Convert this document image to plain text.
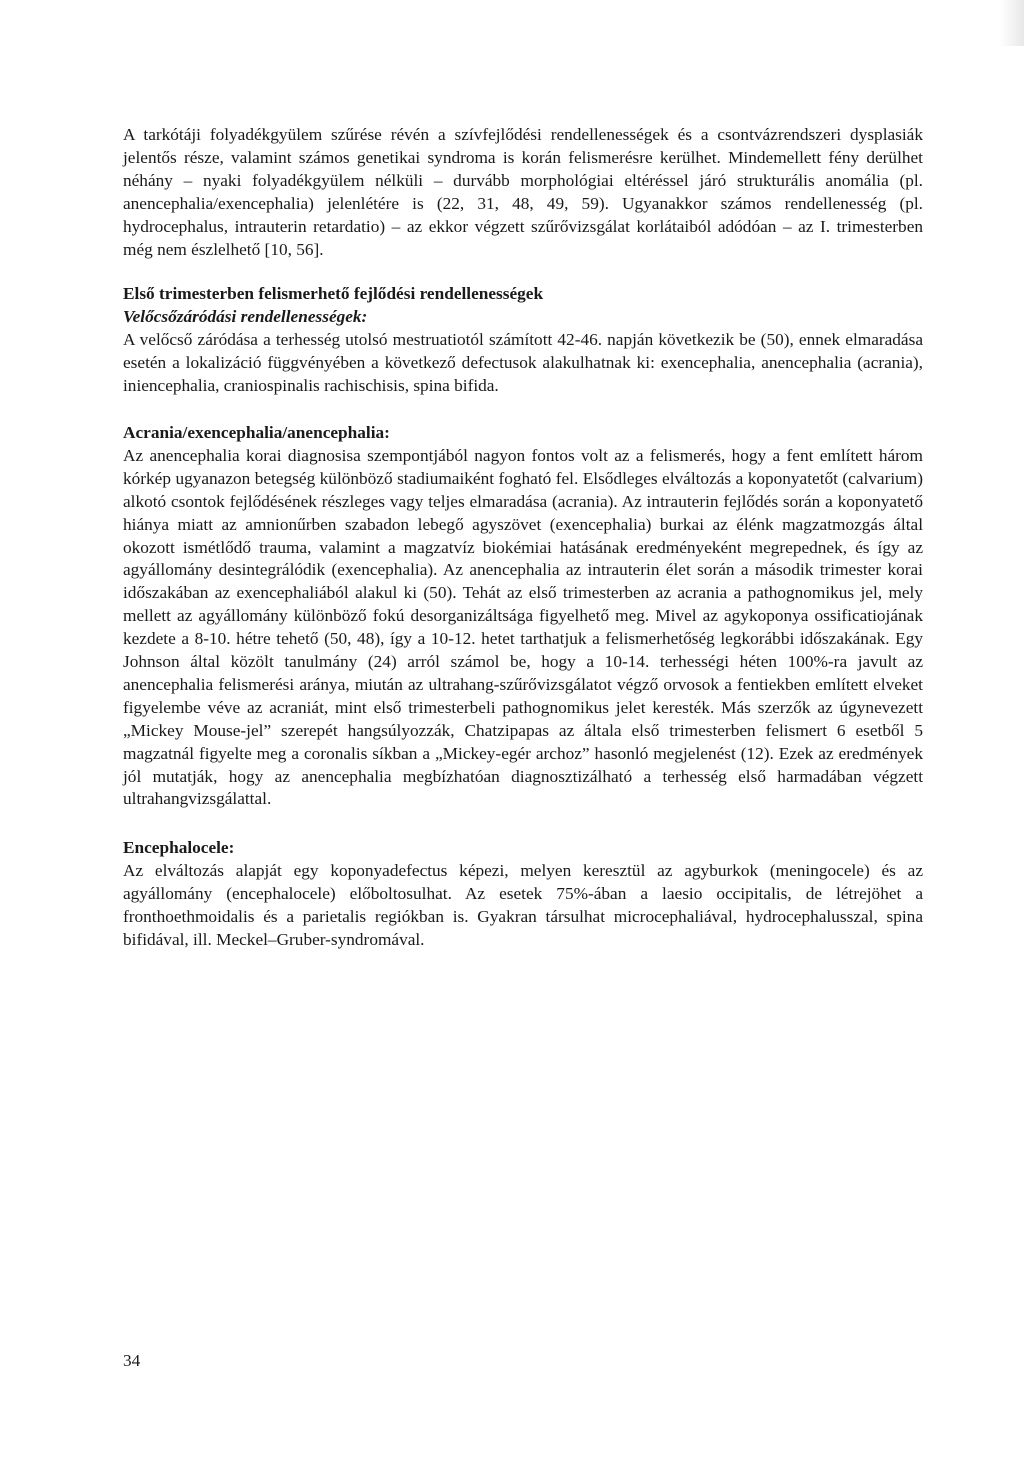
A tarkótáji folyadékgyülem szűrése révén a szívfejlődési rendellenességek és a csontvázrendszeri dysplasiák jelentős része, valamint számos genetikai syndroma is korán felismerésre kerülhet. Mindemellett fény derülhet néhány – nyaki folyadékgyülem nélküli – durvább morphológiai eltéréssel járó strukturális anomália (pl. anencephalia/exencephalia) jelenlétére is (22, 31, 48, 49, 59). Ugyanakkor számos rendellenesség (pl. hydrocephalus, intrauterin retardatio) – az ekkor végzett szűrővizsgálat korlátaiból adódóan – az I. trimesterben még nem észlelhető [10, 56].

Első trimesterben felismerhető fejlődési rendellenességek
Velőcsőzáródási rendellenességek:

A velőcső záródása a terhesség utolsó mestruatiotól számított 42-46. napján következik be (50), ennek elmaradása esetén a lokalizáció függvényében a következő defectusok alakulhatnak ki: exencephalia, anencephalia (acrania), iniencephalia, craniospinalis rachischisis, spina bifida.

Acrania/exencephalia/anencephalia:

Az anencephalia korai diagnosisa szempontjából nagyon fontos volt az a felismerés, hogy a fent említett három kórkép ugyanazon betegség különböző stadiumaiként fogható fel. Elsődleges elváltozás a koponyatetőt (calvarium) alkotó csontok fejlődésének részleges vagy teljes elmaradása (acrania). Az intrauterin fejlődés során a koponyatető hiánya miatt az amnionűrben szabadon lebegő agyszövet (exencephalia) burkai az élénk magzatmozgás által okozott ismétlődő trauma, valamint a magzatvíz biokémiai hatásának eredményeként megrepednek, és így az agyállomány desintegrálódik (exencephalia). Az anencephalia az intrauterin élet során a második trimester korai időszakában az exencephaliából alakul ki (50). Tehát az első trimesterben az acrania a pathognomikus jel, mely mellett az agyállomány különböző fokú desorganizáltsága figyelhető meg. Mivel az agykoponya ossificatiojának kezdete a 8-10. hétre tehető (50, 48), így a 10-12. hetet tarthatjuk a felismerhetőség legkorábbi időszakának. Egy Johnson által közölt tanulmány (24) arról számol be, hogy a 10-14. terhességi héten 100%-ra javult az anencephalia felismerési aránya, miután az ultrahang-szűrővizsgálatot végző orvosok a fentiekben említett elveket figyelembe véve az acraniát, mint első trimesterbeli pathognomikus jelet keresték. Más szerzők az úgynevezett „Mickey Mouse-jel” szerepét hangsúlyozzák, Chatzipapas az általa első trimesterben felismert 6 esetből 5 magzatnál figyelte meg a coronalis síkban a „Mickey-egér archoz” hasonló megjelenést (12). Ezek az eredmények jól mutatják, hogy az anencephalia megbízhatóan diagnosztizálható a terhesség első harmadában végzett ultrahangvizsgálattal.

Encephalocele:

Az elváltozás alapját egy koponyadefectus képezi, melyen keresztül az agyburkok (meningocele) és az agyállomány (encephalocele) előboltosulhat. Az esetek 75%-ában a laesio occipitalis, de létrejöhet a fronthoethmoidalis és a parietalis regiókban is. Gyakran társulhat microcephaliával, hydrocephalusszal, spina bifidával, ill. Meckel–Gruber-syndromával.

34
